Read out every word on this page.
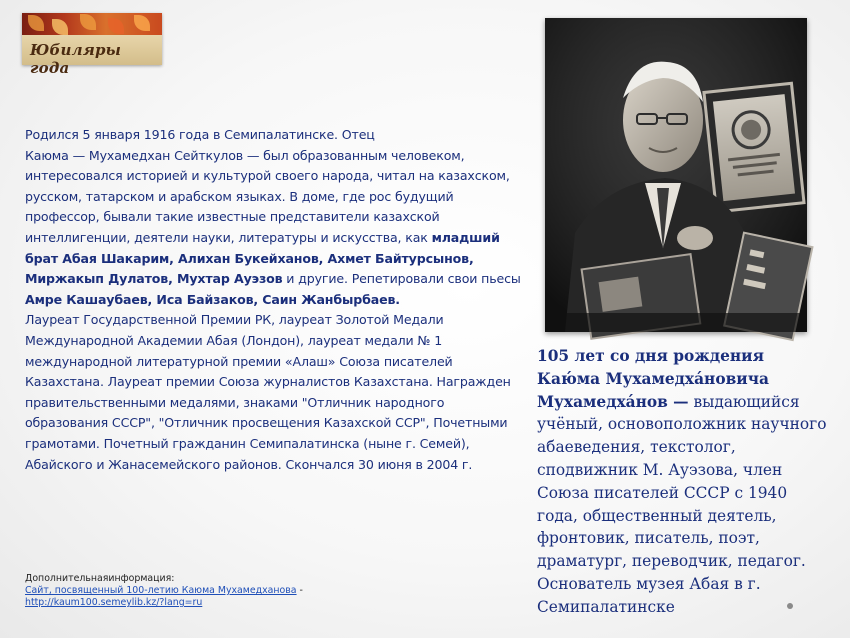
Юбиляры года

Родился 5 января 1916 года в Семипалатинске. Отец
Каюма — Мухамедхан Сейткулов — был образованным человеком, интересовался историей и культурой своего народа, читал на казахском, русском, татарском и арабском языках. В доме, где рос будущий профессор, бывали такие известные представители казахской интеллигенции, деятели науки, литературы и искусства, как младший брат Абая Шакарим, Алихан Букейханов, Ахмет Байтурсынов, Миржакып Дулатов, Мухтар Ауэзов и другие. Репетировали свои пьесы Амре Кашаубаев, Иса Байзаков, Саин Жанбырбаев.
Лауреат Государственной Премии РК, лауреат Золотой Медали Международной Академии Абая (Лондон), лауреат медали № 1 международной литературной премии «Алаш» Союза писателей Казахстана. Лауреат премии Союза журналистов Казахстана. Награжден правительственными медалями, знаками "Отличник народного образования СССР", "Отличник просвещения Казахской ССР", Почетными грамотами. Почетный гражданин Семипалатинска (ныне г. Семей), Абайского и Жанасемейского районов. Скончался 30 июня в 2004 г.

105 лет со дня рождения Каю́ма Мухамедха́новича Мухамедха́нов — выдающийся учёный, основоположник научного абаеведения, текстолог, сподвижник М. Ауэзова, член Союза писателей СССР с 1940 года, общественный деятель, фронтовик, писатель, поэт, драматург, переводчик, педагог. Основатель музея Абая в г. Семипалатинске

Дополнительнаяинформация:
Сайт, посвященный 100-летию Каюма Мухамедханова -
http://kaum100.semeylib.kz/?lang=ru
